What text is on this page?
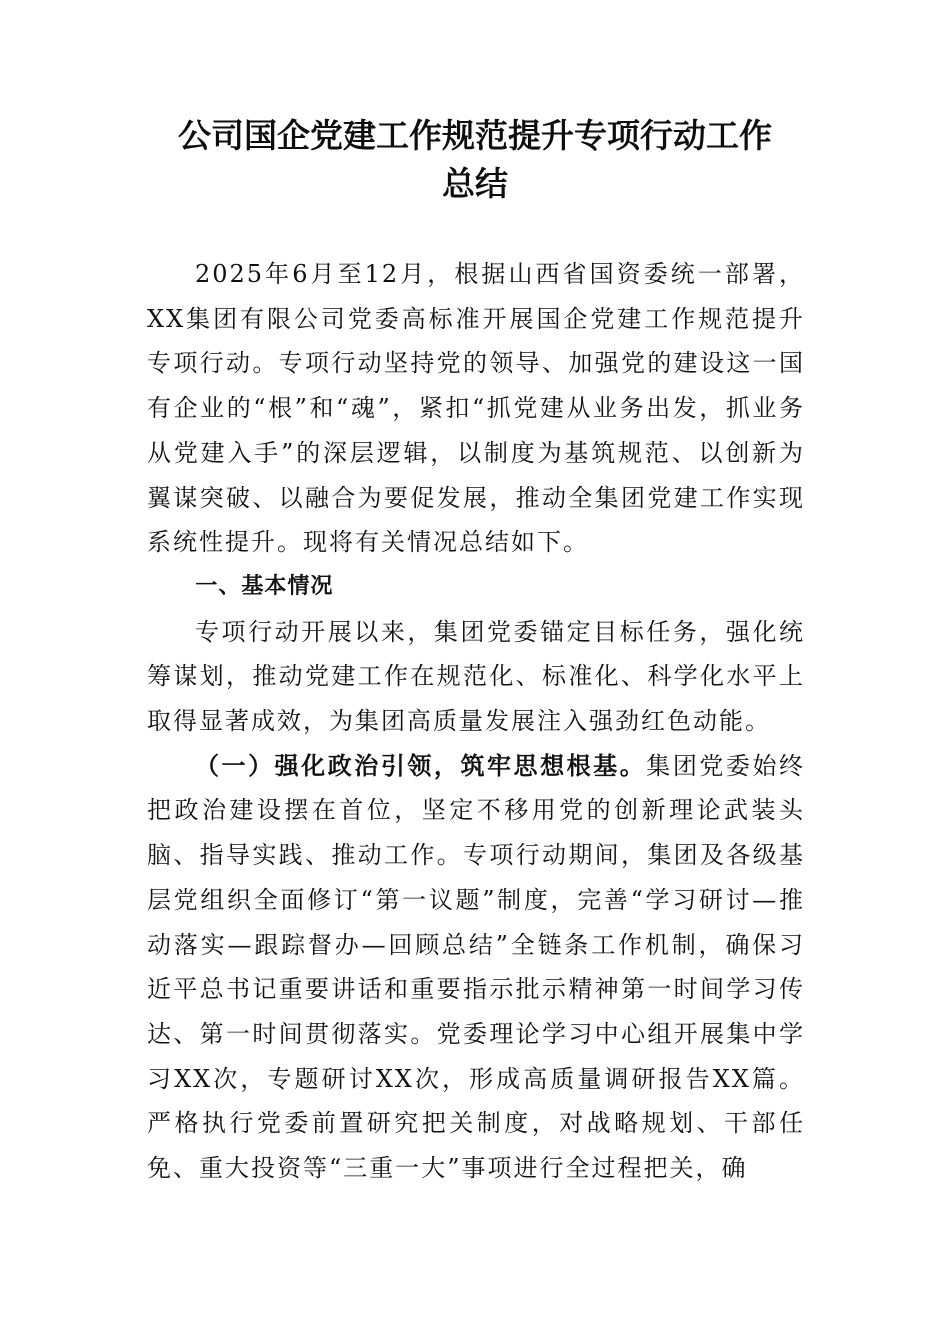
公司国企党建工作规范提升专项行动工作
总结

2025年6月至12月，根据山西省国资委统一部署，XX集团有限公司党委高标准开展国企党建工作规范提升专项行动。专项行动坚持党的领导、加强党的建设这一国有企业的“根”和“魂”，紧扣“抓党建从业务出发，抓业务从党建入手”的深层逻辑，以制度为基筑规范、以创新为翼谋突破、以融合为要促发展，推动全集团党建工作实现系统性提升。现将有关情况总结如下。

一、基本情况

专项行动开展以来，集团党委锚定目标任务，强化统筹谋划，推动党建工作在规范化、标准化、科学化水平上取得显著成效，为集团高质量发展注入强劲红色动能。

（一）强化政治引领，筑牢思想根基。集团党委始终把政治建设摆在首位，坚定不移用党的创新理论武装头脑、指导实践、推动工作。专项行动期间，集团及各级基层党组织全面修订“第一议题”制度，完善“学习研讨—推动落实—跟踪督办—回顾总结”全链条工作机制，确保习近平总书记重要讲话和重要指示批示精神第一时间学习传达、第一时间贯彻落实。党委理论学习中心组开展集中学习XX次，专题研讨XX次，形成高质量调研报告XX篇。严格执行党委前置研究把关制度，对战略规划、干部任免、重大投资等“三重一大”事项进行全过程把关，确
